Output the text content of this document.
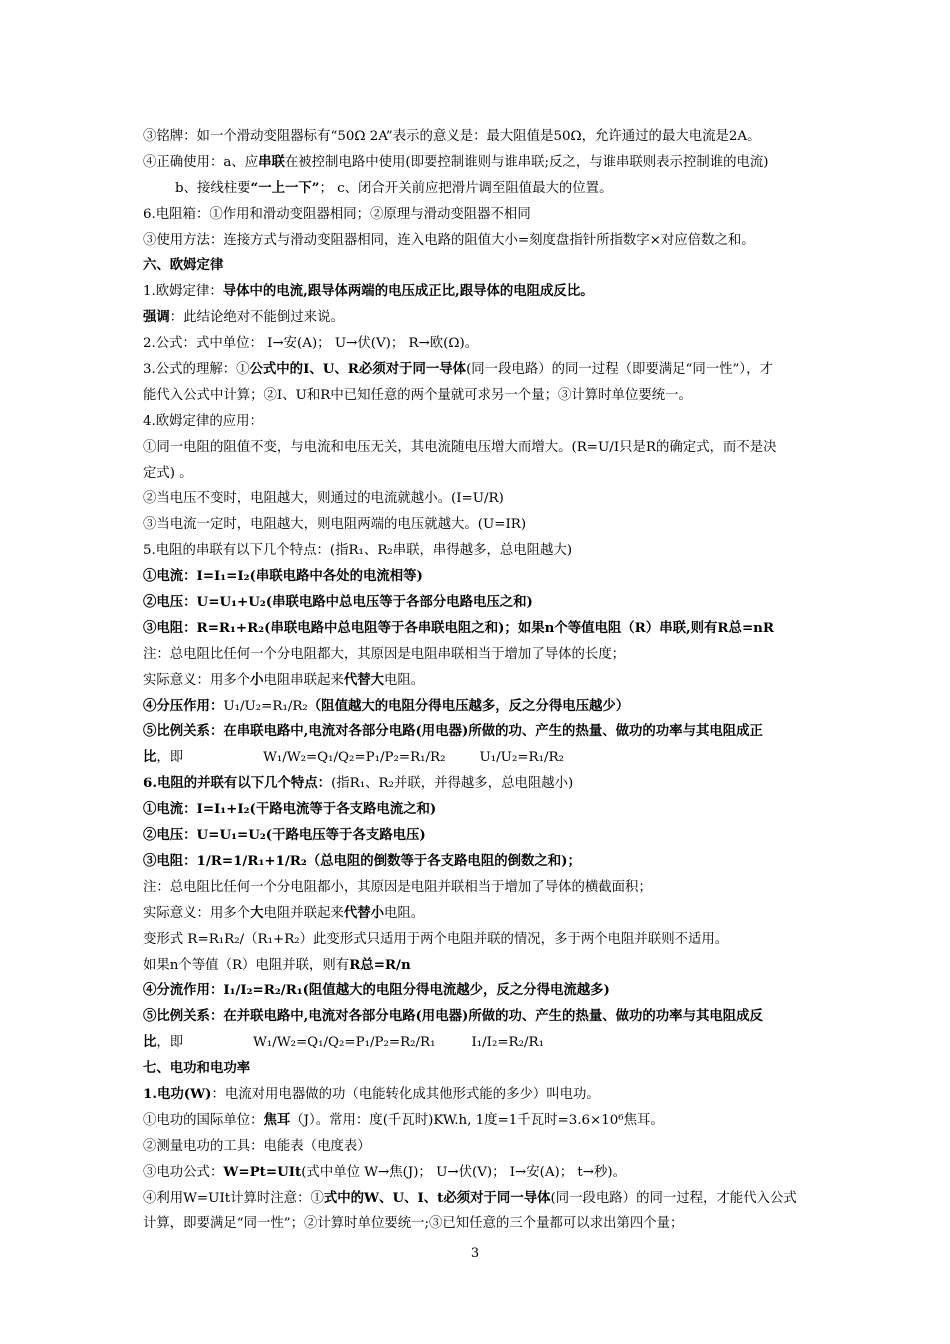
③铭牌：如一个滑动变阻器标有“50Ω 2A”表示的意义是：最大阻值是50Ω，允许通过的最大电流是2A。
④正确使用：a、应串联在被控制电路中使用(即要控制谁则与谁串联;反之，与谁串联则表示控制谁的电流)
b、接线柱要“一上一下”； c、闭合开关前应把滑片调至阻值最大的位置。
6.电阻箱：①作用和滑动变阻器相同；②原理与滑动变阻器不相同
③使用方法：连接方式与滑动变阻器相同，连入电路的阻值大小=刻度盘指针所指数字×对应倍数之和。
六、欧姆定律
1.欧姆定律：导体中的电流,跟导体两端的电压成正比,跟导体的电阻成反比。
强调：此结论绝对不能倒过来说。
2.公式：式中单位： I→安(A)； U→伏(V)； R→欧(Ω)。
3.公式的理解：①公式中的I、U、R必须对于同一导体(同一段电路）的同一过程（即要满足“同一性”），才
能代入公式中计算；②I、U和R中已知任意的两个量就可求另一个量；③计算时单位要统一。
4.欧姆定律的应用：
①同一电阻的阻值不变，与电流和电压无关，其电流随电压增大而增大。(R=U/I只是R的确定式，而不是决
定式) 。
②当电压不变时，电阻越大，则通过的电流就越小。(I=U/R)
③当电流一定时，电阻越大，则电阻两端的电压就越大。(U=IR)
5.电阻的串联有以下几个特点：(指R₁、R₂串联，串得越多，总电阻越大)
①电流：I=I₁=I₂(串联电路中各处的电流相等)
②电压：U=U₁+U₂(串联电路中总电压等于各部分电路电压之和)
③电阻：R=R₁+R₂(串联电路中总电阻等于各串联电阻之和)；如果n个等值电阻（R）串联,则有R总=nR
注：总电阻比任何一个分电阻都大，其原因是电阻串联相当于增加了导体的长度；
实际意义：用多个小电阻串联起来代替大电阻。
④分压作用：U₁/U₂=R₁/R₂（阻值越大的电阻分得电压越多，反之分得电压越少）
⑤比例关系：在串联电路中,电流对各部分电路(用电器)所做的功、产生的热量、做功的功率与其电阻成正
比，即	W₁/W₂=Q₁/Q₂=P₁/P₂=R₁/R₂	U₁/U₂=R₁/R₂
6.电阻的并联有以下几个特点：(指R₁、R₂并联，并得越多，总电阻越小)
①电流：I=I₁+I₂(干路电流等于各支路电流之和)
②电压：U=U₁=U₂(干路电压等于各支路电压)
③电阻：1/R=1/R₁+1/R₂（总电阻的倒数等于各支路电阻的倒数之和)；
注：总电阻比任何一个分电阻都小，其原因是电阻并联相当于增加了导体的横截面积；
实际意义：用多个大电阻并联起来代替小电阻。
变形式 R=R₁R₂/（R₁+R₂）此变形式只适用于两个电阻并联的情况，多于两个电阻并联则不适用。
如果n个等值（R）电阻并联，则有R总=R/n
④分流作用：I₁/I₂=R₂/R₁(阻值越大的电阻分得电流越少，反之分得电流越多)
⑤比例关系：在并联电路中,电流对各部分电路(用电器)所做的功、产生的热量、做功的功率与其电阻成反
比，即	W₁/W₂=Q₁/Q₂=P₁/P₂=R₂/R₁	I₁/I₂=R₂/R₁
七、电功和电功率
1.电功(W)：电流对用电器做的功（电能转化成其他形式能的多少）叫电功。
①电功的国际单位：焦耳（J）。常用：度(千瓦时)KW.h, 1度=1千瓦时=3.6×10⁶焦耳。
②测量电功的工具：电能表（电度表）
③电功公式：W=Pt=UIt(式中单位 W→焦(J)； U→伏(V)； I→安(A)； t→秒)。
④利用W=UIt计算时注意：①式中的W、U、I、t必须对于同一导体(同一段电路）的同一过程，才能代入公式
计算，即要满足“同一性”；②计算时单位要统一;③已知任意的三个量都可以求出第四个量；
3
